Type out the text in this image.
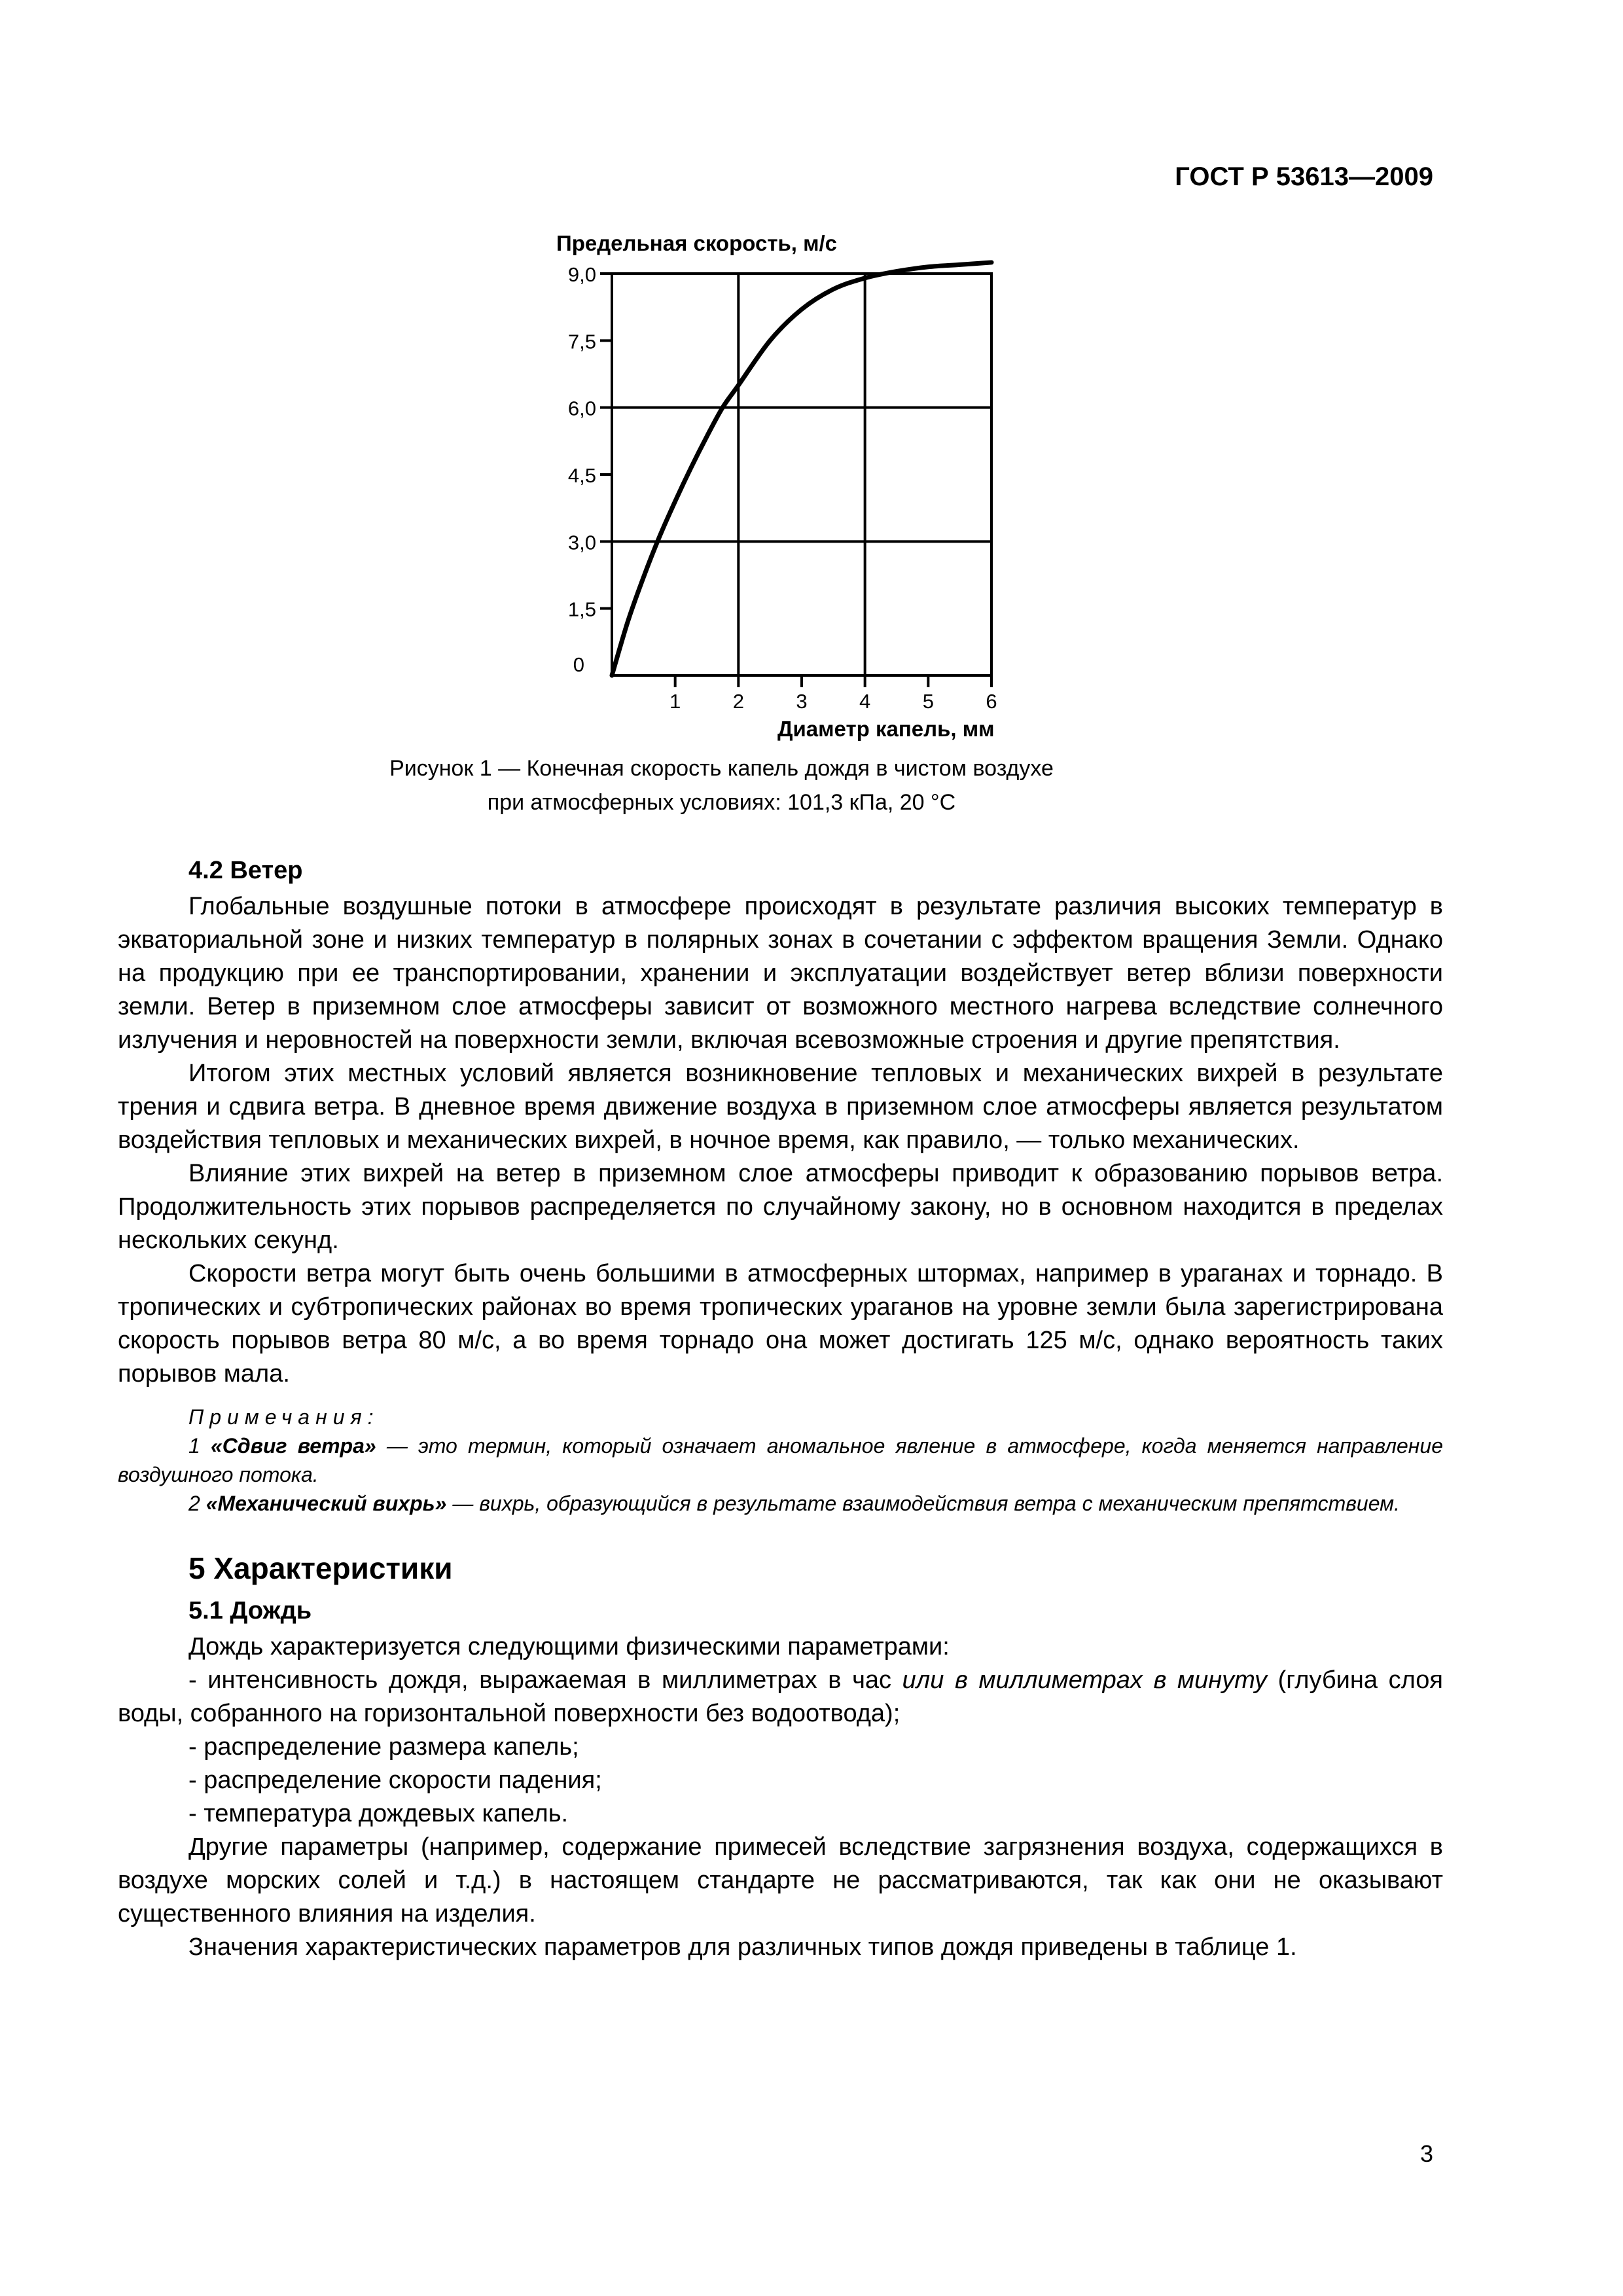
ГОСТ Р 53613—2009
0
1,5
3,0
4,5
6,0
7,5
9,0
1	2	3	4	5	6
Предельная скорость, м/с
Диаметр капель, мм
Рисунок 1 — Конечная скорость капель дождя в чистом воздухе
при атмосферных условиях: 101,3 кПа, 20 °С
4.2 Ветер

Глобальные воздушные потоки в атмосфере происходят в результате различия высоких температур в экваториальной зоне и низких температур в полярных зонах в сочетании с эффектом вращения Земли. Однако на продукцию при ее транспортировании, хранении и эксплуатации воздействует ветер вблизи поверхности земли. Ветер в приземном слое атмосферы зависит от возможного местного нагрева вследствие солнечного излучения и неровностей на поверхности земли, включая всевозможные строения и другие препятствия.

Итогом этих местных условий является возникновение тепловых и механических вихрей в результате трения и сдвига ветра. В дневное время движение воздуха в приземном слое атмосферы является результатом воздействия тепловых и механических вихрей, в ночное время, как правило, — только механических.

Влияние этих вихрей на ветер в приземном слое атмосферы приводит к образованию порывов ветра. Продолжительность этих порывов распределяется по случайному закону, но в основном находится в пределах нескольких секунд.

Скорости ветра могут быть очень большими в атмосферных штормах, например в ураганах и торнадо. В тропических и субтропических районах во время тропических ураганов на уровне земли была зарегистрирована скорость порывов ветра 80 м/с, а во время торнадо она может достигать 125 м/с, однако вероятность таких порывов мала.

Примечания:

1 «Сдвиг ветра» — это термин, который означает аномальное явление в атмосфере, когда меняется направление воздушного потока.

2 «Механический вихрь» — вихрь, образующийся в результате взаимодействия ветра с механическим препятствием.

5 Характеристики
5.1 Дождь

Дождь характеризуется следующими физическими параметрами:

- интенсивность дождя, выражаемая в миллиметрах в час или в миллиметрах в минуту (глубина слоя воды, собранного на горизонтальной поверхности без водоотвода);

- распределение размера капель;

- распределение скорости падения;

- температура дождевых капель.

Другие параметры (например, содержание примесей вследствие загрязнения воздуха, содержащихся в воздухе морских солей и т.д.) в настоящем стандарте не рассматриваются, так как они не оказывают существенного влияния на изделия.

Значения характеристических параметров для различных типов дождя приведены в таблице 1.

3
